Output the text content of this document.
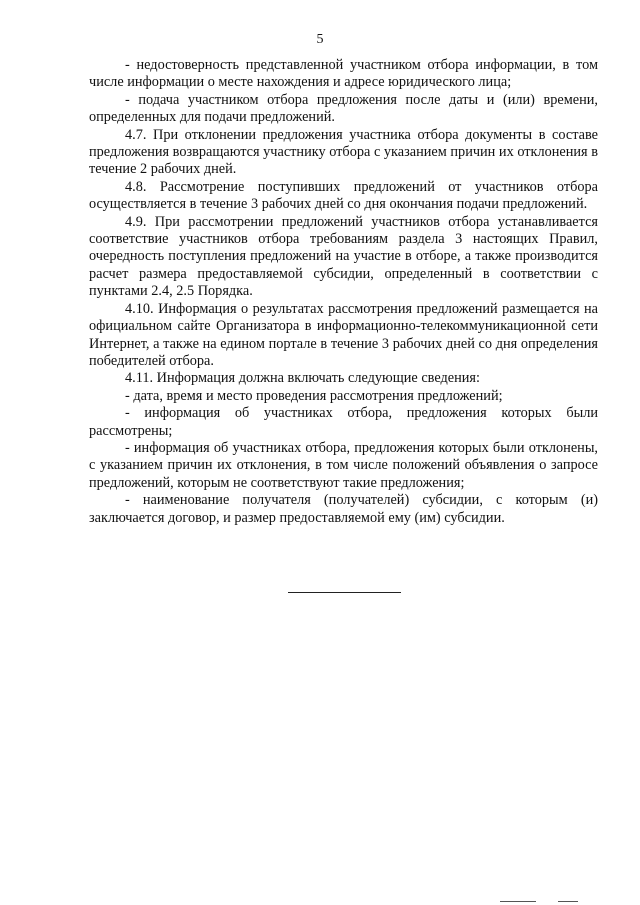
5

- недостоверность представленной участником отбора информации, в том числе информации о месте нахождения и адресе юридического лица;

- подача участником отбора предложения после даты и (или) времени, определенных для подачи предложений.

4.7. При отклонении предложения участника отбора документы в составе предложения возвращаются участнику отбора с указанием причин их отклонения в течение 2 рабочих дней.

4.8. Рассмотрение поступивших предложений от участников отбора осуществляется в течение 3 рабочих дней со дня окончания подачи предложений.

4.9. При рассмотрении предложений участников отбора устанавливается соответствие участников отбора требованиям раздела 3 настоящих Правил, очередность поступления предложений на участие в отборе, а также производится расчет размера предоставляемой субсидии, определенный в соответствии с пунктами 2.4, 2.5 Порядка.

4.10. Информация о результатах рассмотрения предложений размещается на официальном сайте Организатора в информационно-телекоммуникационной сети Интернет, а также на едином портале в течение 3 рабочих дней со дня определения победителей отбора.

4.11. Информация должна включать следующие сведения:

- дата, время и место проведения рассмотрения предложений;

- информация об участниках отбора, предложения которых были рассмотрены;

- информация об участниках отбора, предложения которых были отклонены, с указанием причин их отклонения, в том числе положений объявления о запросе предложений, которым не соответствуют такие предложения;

- наименование получателя (получателей) субсидии, с которым (и) заключается договор, и размер предоставляемой ему (им) субсидии.
